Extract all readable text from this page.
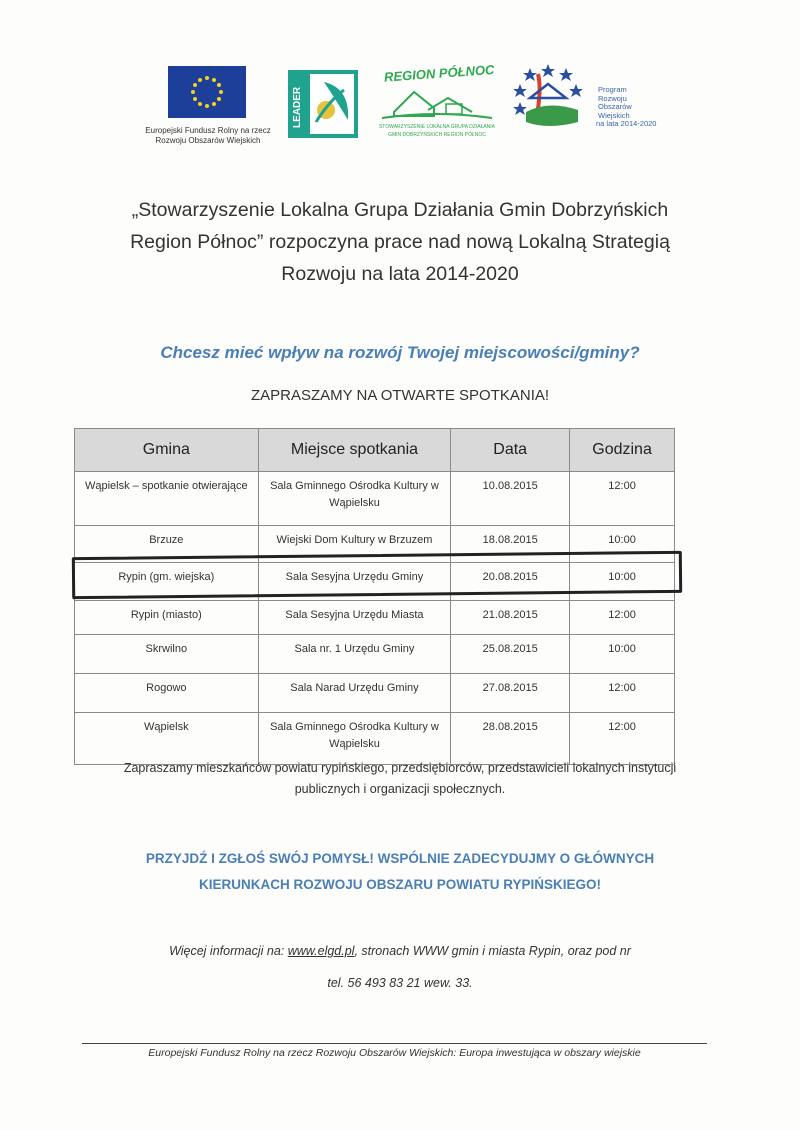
Europejski Fundusz Rolny na rzecz
Rozwoju Obszarów Wiejskich
LEADER
REGION PÓŁNOC
STOWARZYSZENIE LOKALNA GRUPA DZIAŁANIA
GMIN DOBRZYŃSKICH REGION PÓŁNOC
Program
Rozwoju
Obszarów
Wiejskich
na lata 2014-2020
„Stowarzyszenie Lokalna Grupa Działania Gmin Dobrzyńskich
Region Północ” rozpoczyna prace nad nową Lokalną Strategią
Rozwoju na lata 2014-2020
Chcesz mieć wpływ na rozwój Twojej miejscowości/gminy?
ZAPRASZAMY NA OTWARTE SPOTKANIA!
Gmina	Miejsce spotkania	Data	Godzina
Wąpielsk – spotkanie otwierające	Sala Gminnego Ośrodka Kultury w Wąpielsku	10.08.2015	12:00
Brzuze	Wiejski Dom Kultury w Brzuzem	18.08.2015	10:00
Rypin (gm. wiejska)	Sala Sesyjna Urzędu Gminy	20.08.2015	10:00
Rypin (miasto)	Sala Sesyjna Urzędu Miasta	21.08.2015	12:00
Skrwilno	Sala nr. 1 Urzędu Gminy	25.08.2015	10:00
Rogowo	Sala Narad Urzędu Gminy	27.08.2015	12:00
Wąpielsk	Sala Gminnego Ośrodka Kultury w Wąpielsku	28.08.2015	12:00
Zapraszamy mieszkańców powiatu rypińskiego, przedsiębiorców, przedstawicieli lokalnych instytucji
publicznych i organizacji społecznych.
PRZYJDŹ I ZGŁOŚ SWÓJ POMYSŁ! WSPÓLNIE ZADECYDUJMY O GŁÓWNYCH
KIERUNKACH ROZWOJU OBSZARU POWIATU RYPIŃSKIEGO!
Więcej informacji na: www.elgd.pl, stronach WWW gmin i miasta Rypin, oraz pod nr
tel. 56 493 83 21 wew. 33.
Europejski Fundusz Rolny na rzecz Rozwoju Obszarów Wiejskich: Europa inwestująca w obszary wiejskie
